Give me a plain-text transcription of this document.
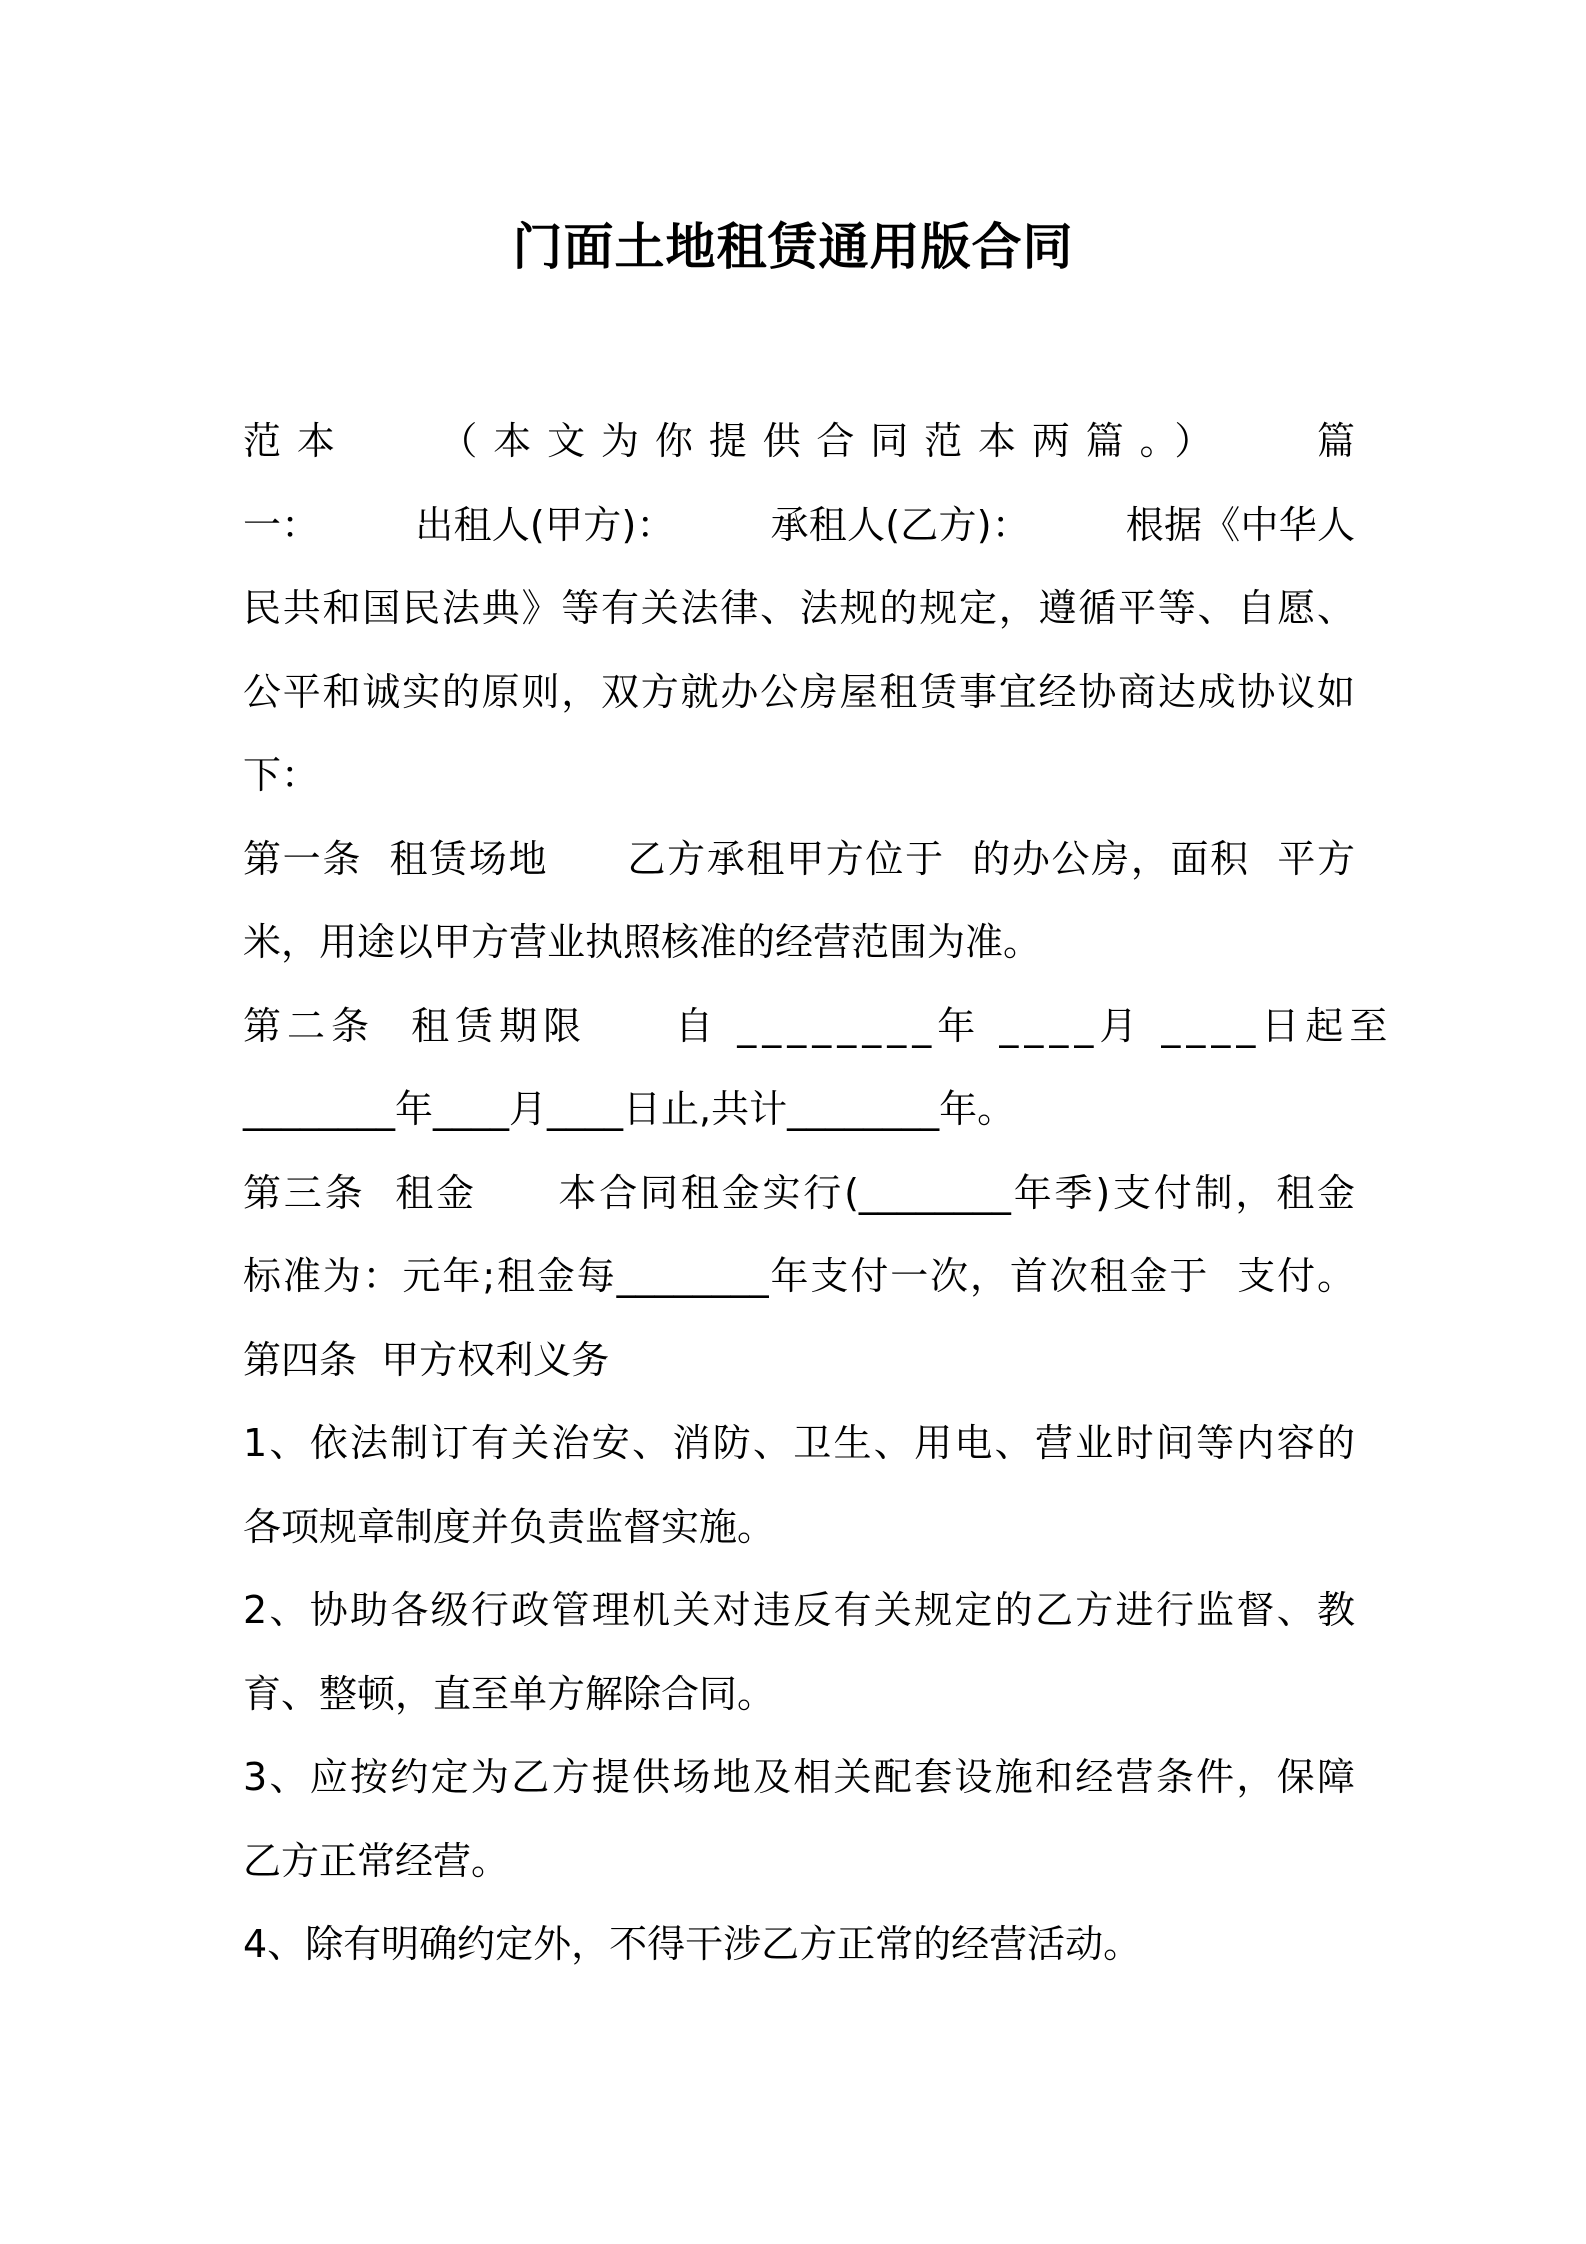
门面土地租赁通用版合同
范本　　（本文为你提供合同范本两篇。）　　篇
一：　　　出租人(甲方)：　　　承租人(乙方)：　　　根据《中华人
民共和国民法典》等有关法律、法规的规定，遵循平等、自愿、
公平和诚实的原则，双方就办公房屋租赁事宜经协商达成协议如
下：
第一条  租赁场地　　乙方承租甲方位于  的办公房，面积  平方
米，用途以甲方营业执照核准的经营范围为准。
第二条  租赁期限　　自 ________年 ____月 ____日起至
________年____月____日止,共计________年。
第三条  租金　　本合同租金实行(________年季)支付制，租金
标准为：元年;租金每________年支付一次，首次租金于  支付。
第四条  甲方权利义务
1、依法制订有关治安、消防、卫生、用电、营业时间等内容的
各项规章制度并负责监督实施。
2、协助各级行政管理机关对违反有关规定的乙方进行监督、教
育、整顿，直至单方解除合同。
3、应按约定为乙方提供场地及相关配套设施和经营条件，保障
乙方正常经营。
4、除有明确约定外，不得干涉乙方正常的经营活动。
